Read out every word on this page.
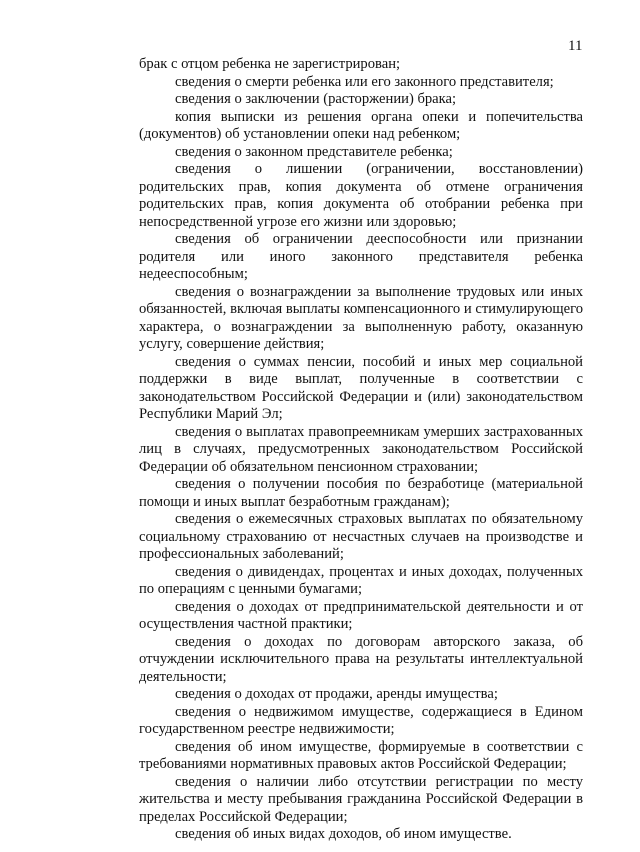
11

брак с отцом ребенка не зарегистрирован;

сведения о смерти ребенка или его законного представителя;

сведения о заключении (расторжении) брака;

копия выписки из решения органа опеки и попечительства (документов) об установлении опеки над ребенком;

сведения о законном представителе ребенка;

сведения о лишении (ограничении, восстановлении) родительских прав, копия документа об отмене ограничения родительских прав, копия документа об отобрании ребенка при непосредственной угрозе его жизни или здоровью;

сведения об ограничении дееспособности или признании родителя или иного законного представителя ребенка недееспособным;

сведения о вознаграждении за выполнение трудовых или иных обязанностей, включая выплаты компенсационного и стимулирующего характера, о вознаграждении за выполненную работу, оказанную услугу, совершение действия;

сведения о суммах пенсии, пособий и иных мер социальной поддержки в виде выплат, полученные в соответствии с законодательством Российской Федерации и (или) законодательством Республики Марий Эл;

сведения о выплатах правопреемникам умерших застрахованных лиц в случаях, предусмотренных законодательством Российской Федерации об обязательном пенсионном страховании;

сведения о получении пособия по безработице (материальной помощи и иных выплат безработным гражданам);

сведения о ежемесячных страховых выплатах по обязательному социальному страхованию от несчастных случаев на производстве и профессиональных заболеваний;

сведения о дивидендах, процентах и иных доходах, полученных по операциям с ценными бумагами;

сведения о доходах от предпринимательской деятельности и от осуществления частной практики;

сведения о доходах по договорам авторского заказа, об отчуждении исключительного права на результаты интеллектуальной деятельности;

сведения о доходах от продажи, аренды имущества;

сведения о недвижимом имуществе, содержащиеся в Едином государственном реестре недвижимости;

сведения об ином имуществе, формируемые в соответствии с требованиями нормативных правовых актов Российской Федерации;

сведения о наличии либо отсутствии регистрации по месту жительства и месту пребывания гражданина Российской Федерации в пределах Российской Федерации;

сведения об иных видах доходов, об ином имуществе.
